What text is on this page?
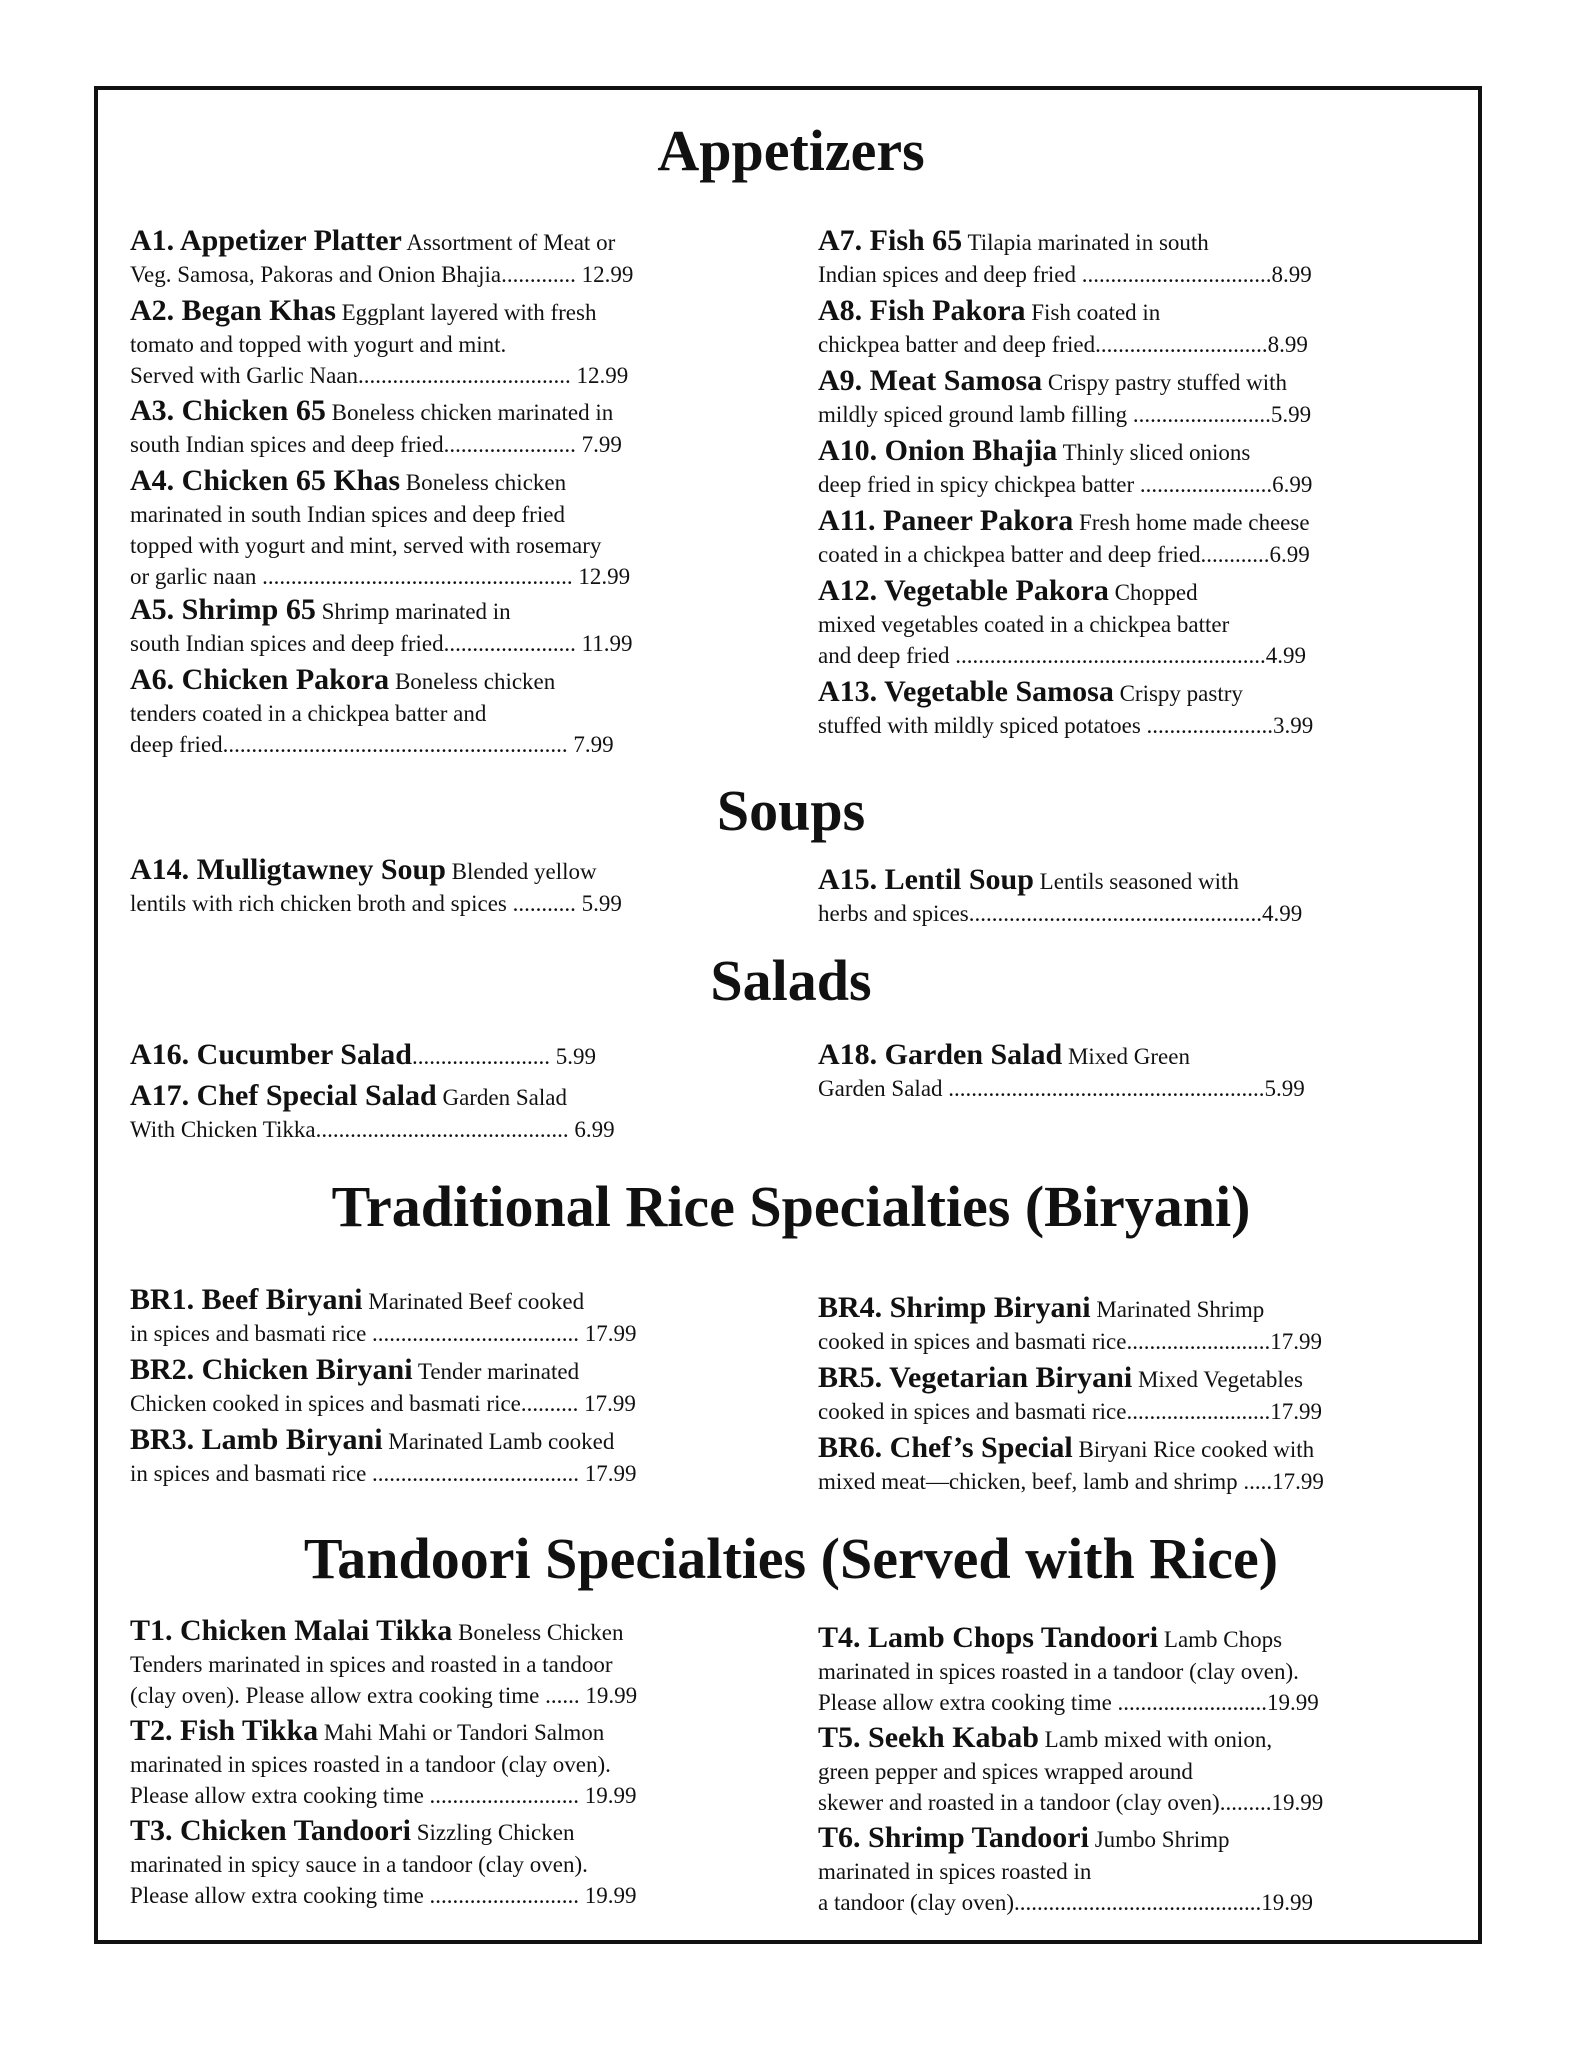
Appetizers
Soups
Salads
Traditional Rice Specialties (Biryani)
Tandoori Specialties (Served with Rice)
A1. Appetizer Platter Assortment of Meat or
Veg. Samosa, Pakoras and Onion Bhajia............. 12.99
A2. Began Khas Eggplant layered with fresh
tomato and topped with yogurt and mint.
Served with Garlic Naan..................................... 12.99
A3. Chicken 65 Boneless chicken marinated in
south Indian spices and deep fried....................... 7.99
A4. Chicken 65 Khas Boneless chicken
marinated in south Indian spices and deep fried
topped with yogurt and mint, served with rosemary
or garlic naan ...................................................... 12.99
A5. Shrimp 65 Shrimp marinated in
south Indian spices and deep fried....................... 11.99
A6. Chicken Pakora Boneless chicken
tenders coated in a chickpea batter and
deep fried............................................................ 7.99
A7. Fish 65 Tilapia marinated in south
Indian spices and deep fried .................................8.99
A8. Fish Pakora Fish coated in
chickpea batter and deep fried..............................8.99
A9. Meat Samosa Crispy pastry stuffed with
mildly spiced ground lamb filling ........................5.99
A10. Onion Bhajia Thinly sliced onions
deep fried in spicy chickpea batter .......................6.99
A11. Paneer Pakora Fresh home made cheese
coated in a chickpea batter and deep fried............6.99
A12. Vegetable Pakora Chopped
mixed vegetables coated in a chickpea batter
and deep fried ......................................................4.99
A13. Vegetable Samosa Crispy pastry
stuffed with mildly spiced potatoes ......................3.99
A14. Mulligtawney Soup Blended yellow
lentils with rich chicken broth and spices ........... 5.99
A15. Lentil Soup Lentils seasoned with
herbs and spices...................................................4.99
A16. Cucumber Salad........................ 5.99
A17. Chef Special Salad Garden Salad
With Chicken Tikka............................................ 6.99
A18. Garden Salad Mixed Green
Garden Salad .......................................................5.99
BR1. Beef Biryani Marinated Beef cooked
in spices and basmati rice .................................... 17.99
BR2. Chicken Biryani Tender marinated
Chicken cooked in spices and basmati rice.......... 17.99
BR3. Lamb Biryani Marinated Lamb cooked
in spices and basmati rice .................................... 17.99
BR4. Shrimp Biryani Marinated Shrimp
cooked in spices and basmati rice.........................17.99
BR5. Vegetarian Biryani Mixed Vegetables
cooked in spices and basmati rice.........................17.99
BR6. Chef’s Special Biryani Rice cooked with
mixed meat—chicken, beef, lamb and shrimp .....17.99
T1. Chicken Malai Tikka Boneless Chicken
Tenders marinated in spices and roasted in a tandoor
(clay oven). Please allow extra cooking time ...... 19.99
T2. Fish Tikka Mahi Mahi or Tandori Salmon
marinated in spices roasted in a tandoor (clay oven).
Please allow extra cooking time .......................... 19.99
T3. Chicken Tandoori Sizzling Chicken
marinated in spicy sauce in a tandoor (clay oven).
Please allow extra cooking time .......................... 19.99
T4. Lamb Chops Tandoori Lamb Chops
marinated in spices roasted in a tandoor (clay oven).
Please allow extra cooking time ..........................19.99
T5. Seekh Kabab Lamb mixed with onion,
green pepper and spices wrapped around
skewer and roasted in a tandoor (clay oven).........19.99
T6. Shrimp Tandoori Jumbo Shrimp
marinated in spices roasted in
a tandoor (clay oven)...........................................19.99
